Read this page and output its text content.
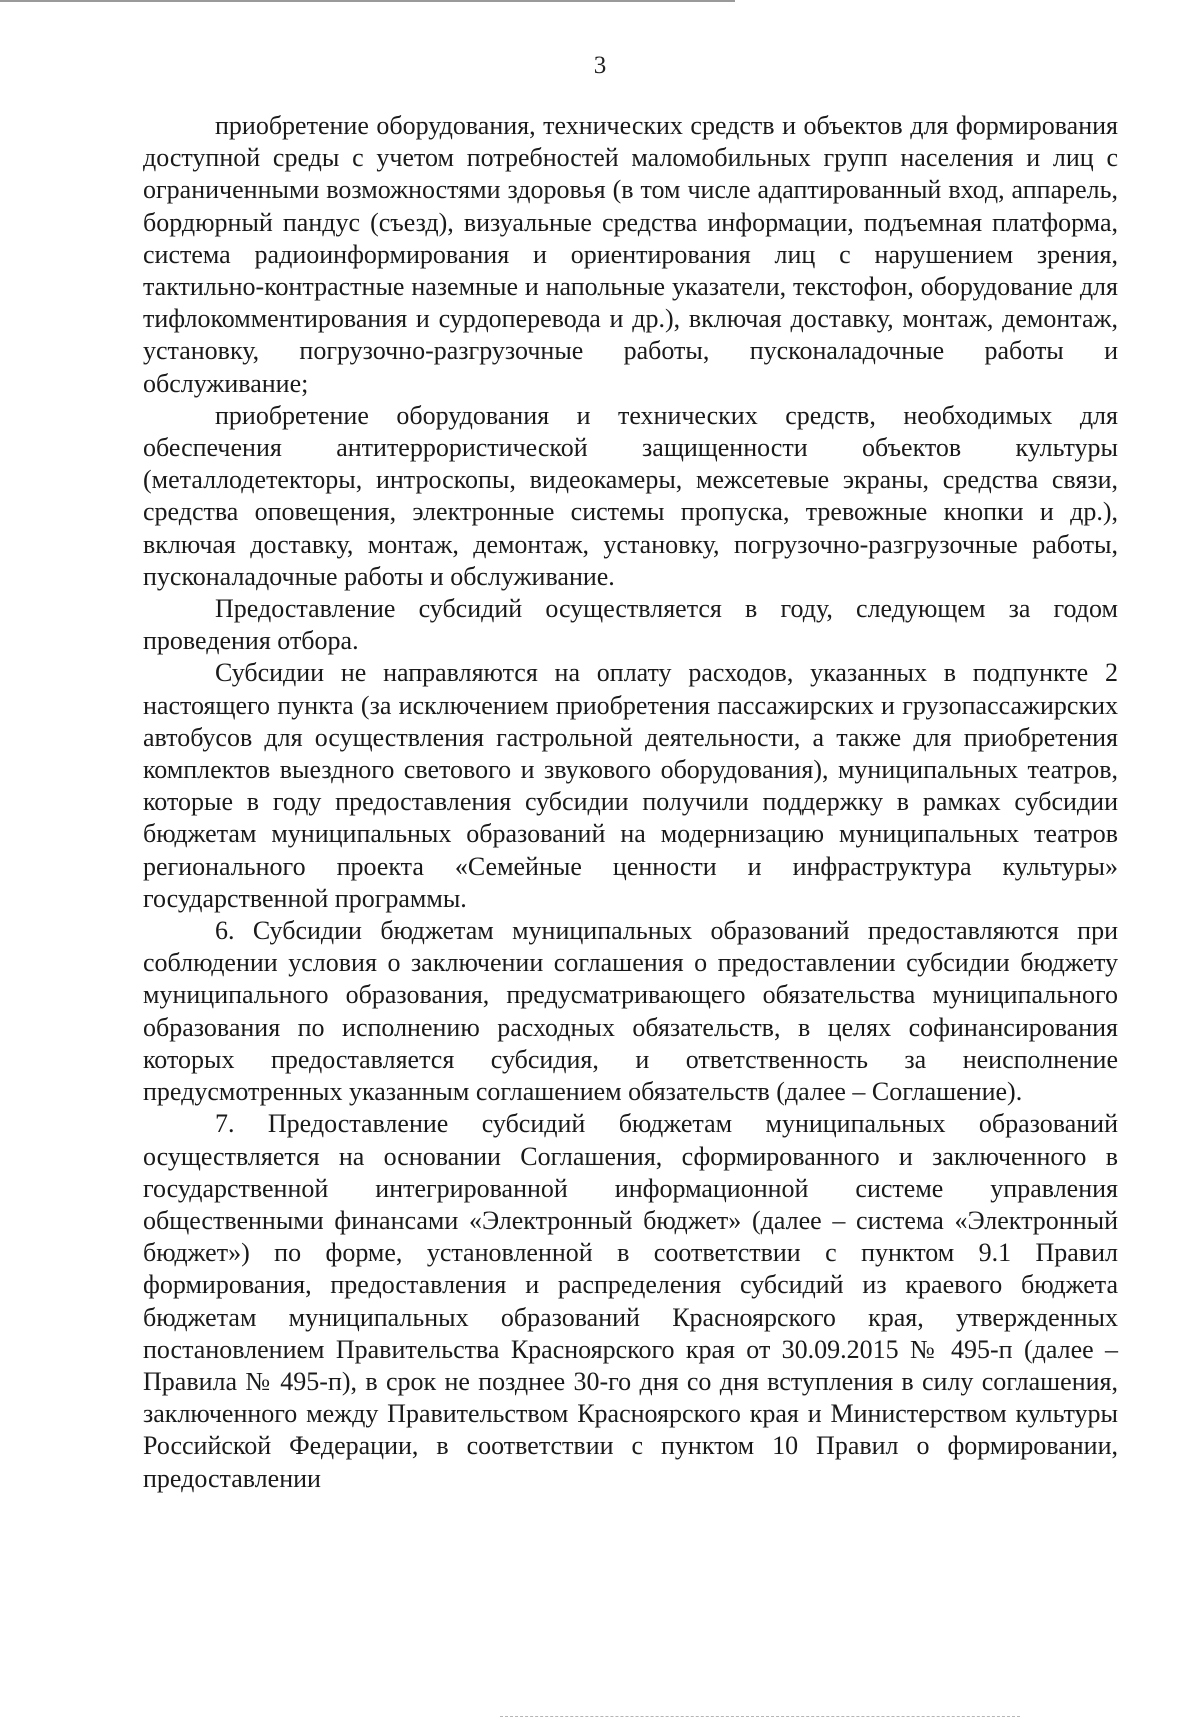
3

приобретение оборудования, технических средств и объектов для формирования доступной среды с учетом потребностей маломобильных групп населения и лиц с ограниченными возможностями здоровья (в том числе адаптированный вход, аппарель, бордюрный пандус (съезд), визуальные средства информации, подъемная платформа, система радиоинформирования и ориентирования лиц с нарушением зрения, тактильно-контрастные наземные и напольные указатели, текстофон, оборудование для тифлокомментирования и сурдоперевода и др.), включая доставку, монтаж, демонтаж, установку, погрузочно-разгрузочные работы, пусконаладочные работы и обслуживание;

приобретение оборудования и технических средств, необходимых для обеспечения антитеррористической защищенности объектов культуры (металлодетекторы, интроскопы, видеокамеры, межсетевые экраны, средства связи, средства оповещения, электронные системы пропуска, тревожные кнопки и др.), включая доставку, монтаж, демонтаж, установку, погрузочно-разгрузочные работы, пусконаладочные работы и обслуживание.

Предоставление субсидий осуществляется в году, следующем за годом проведения отбора.

Субсидии не направляются на оплату расходов, указанных в подпункте 2 настоящего пункта (за исключением приобретения пассажирских и грузопассажирских автобусов для осуществления гастрольной деятельности, а также для приобретения комплектов выездного светового и звукового оборудования), муниципальных театров, которые в году предоставления субсидии получили поддержку в рамках субсидии бюджетам муниципальных образований на модернизацию муниципальных театров регионального проекта «Семейные ценности и инфраструктура культуры» государственной программы.

6. Субсидии бюджетам муниципальных образований предоставляются при соблюдении условия о заключении соглашения о предоставлении субсидии бюджету муниципального образования, предусматривающего обязательства муниципального образования по исполнению расходных обязательств, в целях софинансирования которых предоставляется субсидия, и ответственность за неисполнение предусмотренных указанным соглашением обязательств (далее – Соглашение).

7. Предоставление субсидий бюджетам муниципальных образований осуществляется на основании Соглашения, сформированного и заключенного в государственной интегрированной информационной системе управления общественными финансами «Электронный бюджет» (далее – система «Электронный бюджет») по форме, установленной в соответствии с пунктом 9.1 Правил формирования, предоставления и распределения субсидий из краевого бюджета бюджетам муниципальных образований Красноярского края, утвержденных постановлением Правительства Красноярского края от 30.09.2015 № 495-п (далее – Правила № 495-п), в срок не позднее 30-го дня со дня вступления в силу соглашения, заключенного между Правительством Красноярского края и Министерством культуры Российской Федерации, в соответствии с пунктом 10 Правил о формировании, предоставлении
